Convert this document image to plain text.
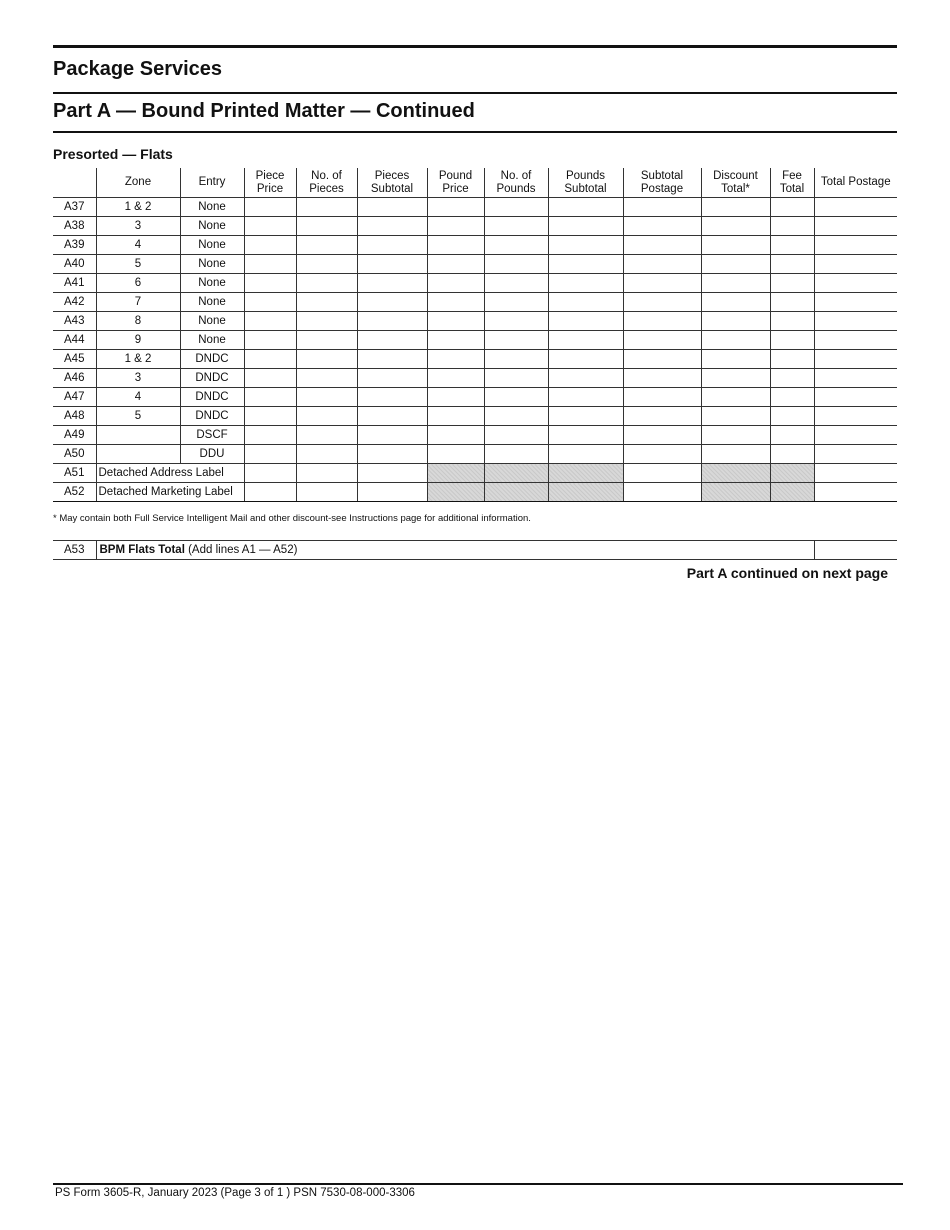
Package Services
Part A — Bound Printed Matter — Continued
Presorted — Flats
	Zone	Entry	Piece Price	No. of Pieces	Pieces Subtotal	Pound Price	No. of Pounds	Pounds Subtotal	Subtotal Postage	Discount Total*	Fee Total	Total Postage
A37	1 & 2	None										
A38	3	None										
A39	4	None										
A40	5	None										
A41	6	None										
A42	7	None										
A43	8	None										
A44	9	None										
A45	1 & 2	DNDC										
A46	3	DNDC										
A47	4	DNDC										
A48	5	DNDC										
A49		DSCF										
A50		DDU										
A51	Detached Address Label											
A52	Detached Marketing Label											
* May contain both Full Service Intelligent Mail and other discount-see Instructions page for additional information.
A53	BPM Flats Total (Add lines A1 — A52)	
Part A continued on next page
PS Form 3605-R, January 2023 (Page 3 of 1 ) PSN 7530-08-000-3306
